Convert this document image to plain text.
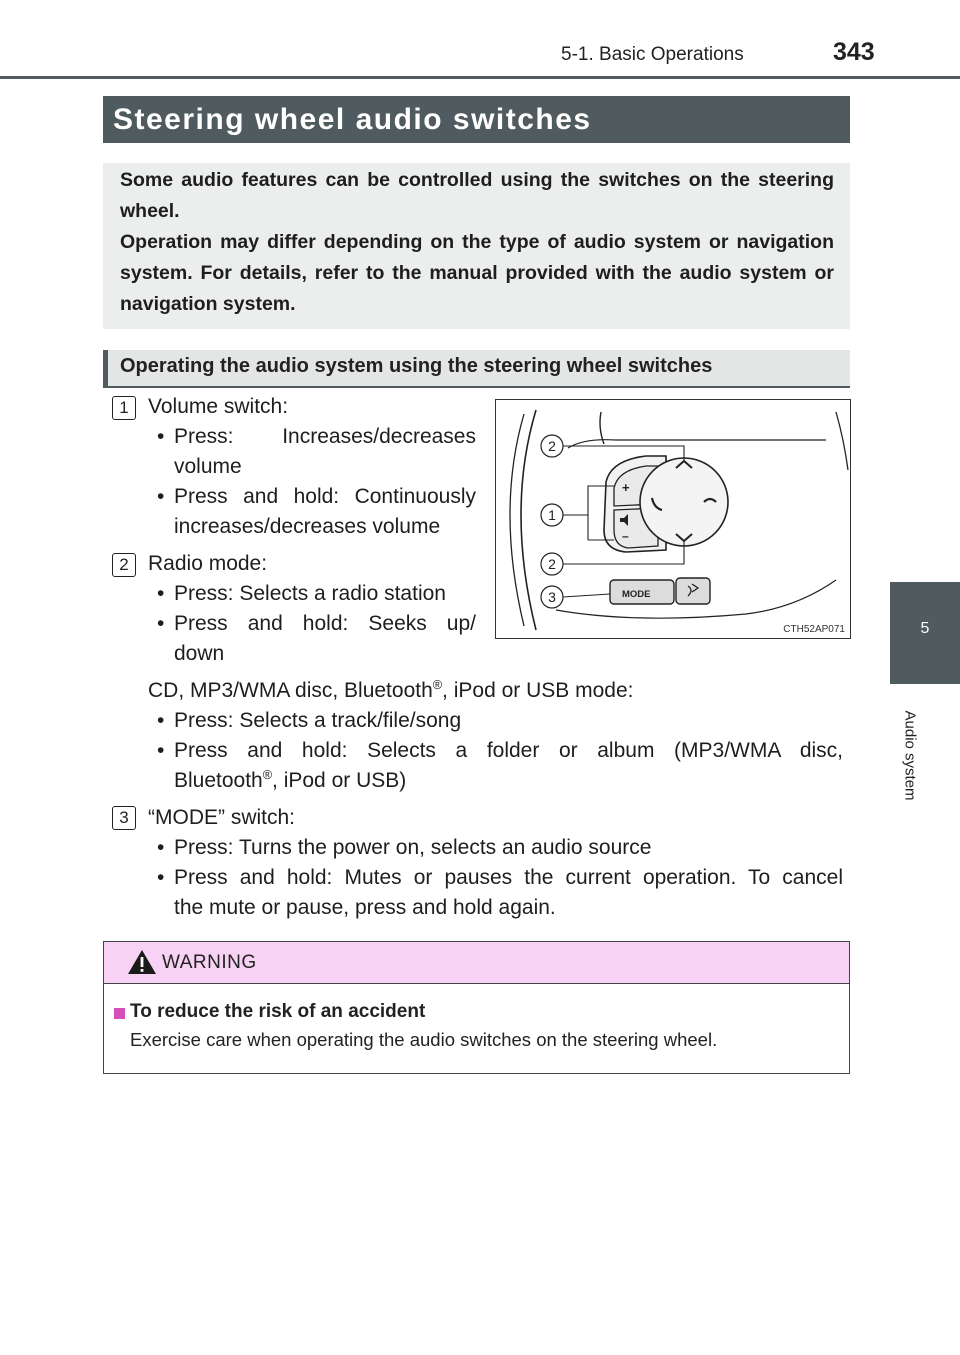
5-1. Basic Operations	343
5
Audio system
Steering wheel audio switches

Some audio features can be controlled using the switches on the steering wheel.

Operation may differ depending on the type of audio system or navigation system. For details, refer to the manual provided with the audio system or navigation system.

Operating the audio system using the steering wheel switches
1 Volume switch:

• Press: Increases/decreases volume
• Press and hold: Continuously
increases/decreases volume
2 Radio mode:

• Press: Selects a radio station
• Press and hold: Seeks up/
down

CD, MP3/WMA disc, Bluetooth®, iPod or USB mode:

• Press: Selects a track/file/song
• Press and hold: Selects a folder or album (MP3/WMA disc,
Bluetooth®, iPod or USB)
3 “MODE” switch:

• Press: Turns the power on, selects an audio source
• Press and hold: Mutes or pauses the current operation. To cancel
the mute or pause, press and hold again.
+
–
MODE
2
1
2
3
CTH52AP071
WARNING
To reduce the risk of an accident
Exercise care when operating the audio switches on the steering wheel.
